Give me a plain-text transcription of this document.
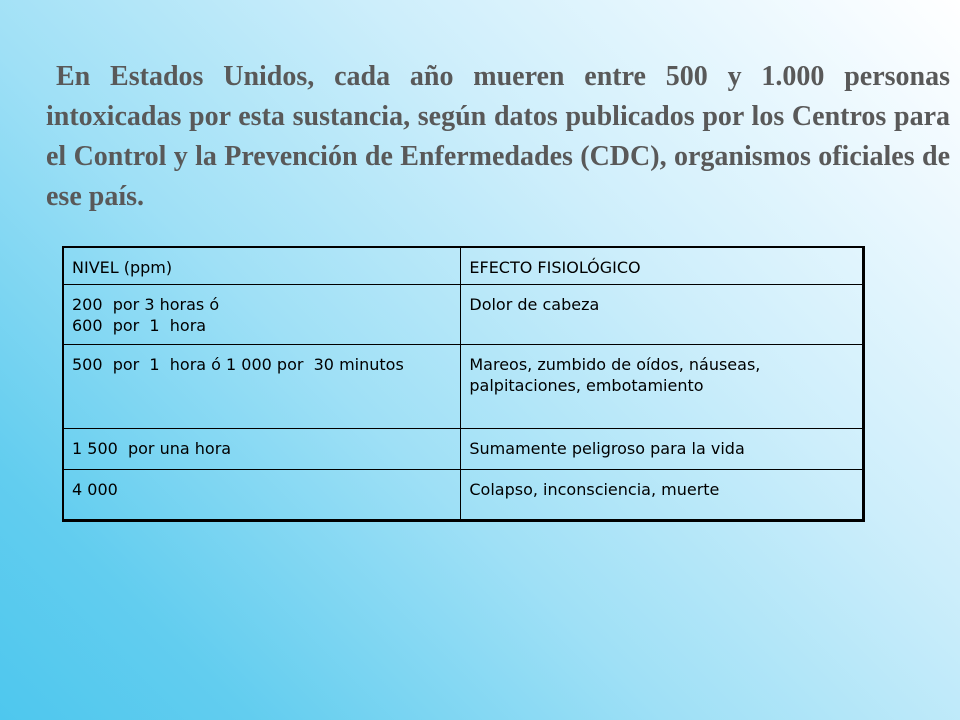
En Estados Unidos, cada año mueren entre 500 y 1.000 personas intoxicadas por esta sustancia, según datos publicados por los Centros para el Control y la Prevención de Enfermedades (CDC), organismos oficiales de ese país.

NIVEL (ppm)	EFECTO FISIOLÓGICO

200  por 3 horas ó
600  por  1  hora	Dolor de cabeza

500  por  1  hora ó 1 000 por  30 minutos	Mareos, zumbido de oídos, náuseas, palpitaciones, embotamiento

1 500  por una hora	Sumamente peligroso para la vida

4 000	Colapso, inconsciencia, muerte
